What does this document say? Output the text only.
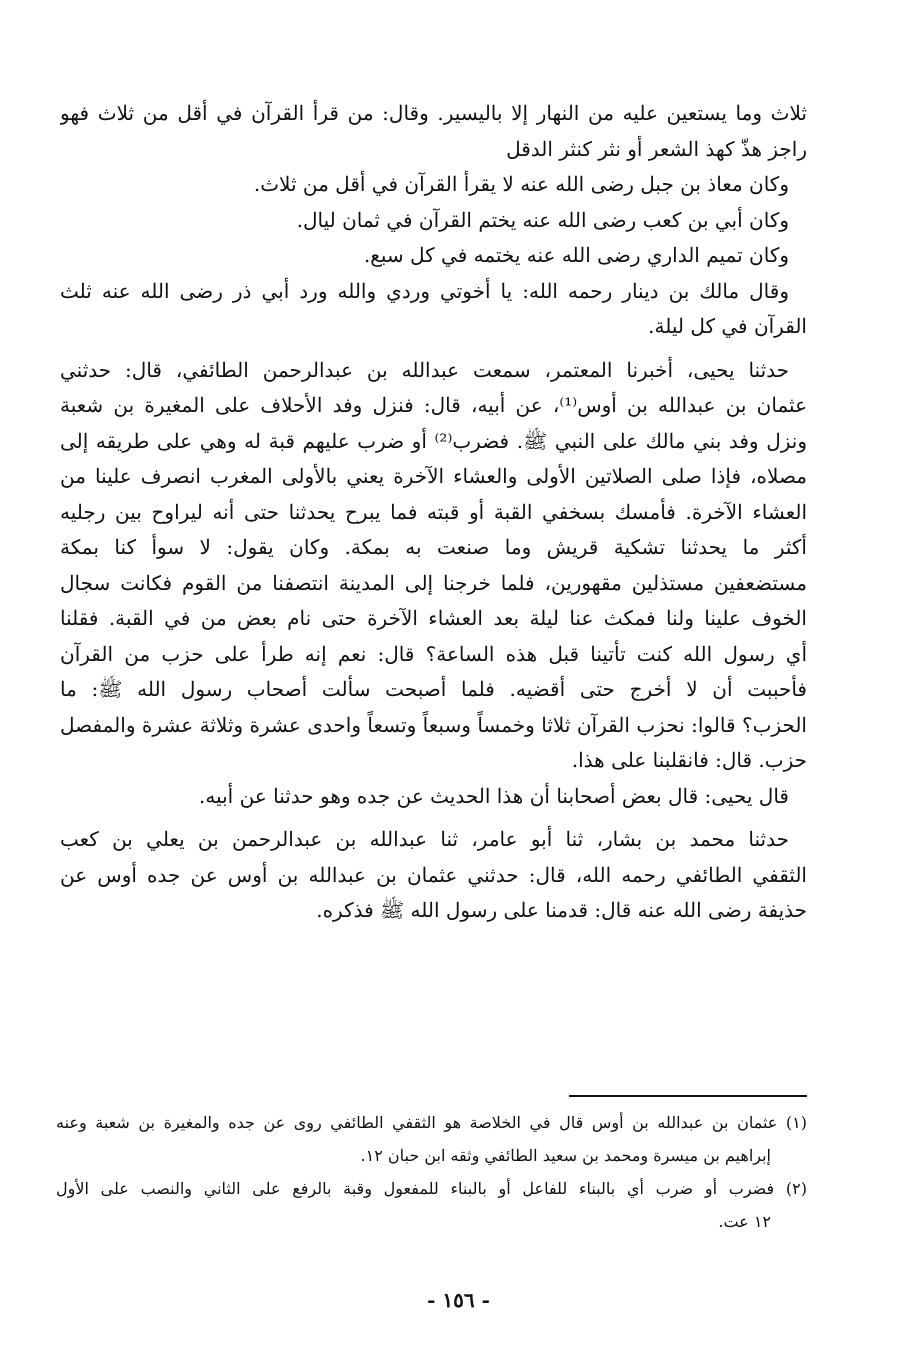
ثلاث وما يستعين عليه من النهار إلا باليسير. وقال: من قرأ القرآن في أقل من ثلاث فهو
راجز هذّ كهذ الشعر أو نثر كنثر الدقل
وكان معاذ بن جبل رضى الله عنه لا يقرأ القرآن في أقل من ثلاث.
وكان أبي بن كعب رضى الله عنه يختم القرآن في ثمان ليال.
وكان تميم الداري رضى الله عنه يختمه في كل سبع.
وقال مالك بن دينار رحمه الله: يا أخوتي وردي والله ورد أبي ذر رضى الله عنه ثلث
القرآن في كل ليلة.
حدثنا يحيى، أخبرنا المعتمر، سمعت عبدالله بن عبدالرحمن الطائفي، قال: حدثني
عثمان بن عبدالله بن أوس⁽¹⁾، عن أبيه، قال: فنزل وفد الأحلاف على المغيرة بن شعبة
ونزل وفد بني مالك على النبي ﷺ. فضرب⁽²⁾ أو ضرب عليهم قبة له وهي على طريقه إلى
مصلاه، فإذا صلى الصلاتين الأولى والعشاء الآخرة يعني بالأولى المغرب انصرف علينا من
العشاء الآخرة. فأمسك بسخفي القبة أو قبته فما يبرح يحدثنا حتى أنه ليراوح بين رجليه
أكثر ما يحدثنا تشكية قريش وما صنعت به بمكة. وكان يقول: لا سوأ كنا بمكة
مستضعفين مستذلين مقهورين، فلما خرجنا إلى المدينة انتصفنا من القوم فكانت سجال
الخوف علينا ولنا فمكث عنا ليلة بعد العشاء الآخرة حتى نام بعض من في القبة. فقلنا
أي رسول الله كنت تأتينا قبل هذه الساعة؟ قال: نعم إنه طرأ على حزب من القرآن
فأحببت أن لا أخرج حتى أقضيه. فلما أصبحت سألت أصحاب رسول الله ﷺ: ما
الحزب؟ قالوا: نحزب القرآن ثلاثا وخمساً وسبعاً وتسعاً واحدى عشرة وثلاثة عشرة والمفصل
حزب. قال: فانقلبنا على هذا.
قال يحيى: قال بعض أصحابنا أن هذا الحديث عن جده وهو حدثنا عن أبيه.
حدثنا محمد بن بشار، ثنا أبو عامر، ثنا عبدالله بن عبدالرحمن بن يعلي بن كعب
الثقفي الطائفي رحمه الله، قال: حدثني عثمان بن عبدالله بن أوس عن جده أوس عن
حذيفة رضى الله عنه قال: قدمنا على رسول الله ﷺ فذكره.
(١) عثمان بن عبدالله بن أوس قال في الخلاصة هو الثقفي الطائفي روى عن جده والمغيرة بن شعبة وعنه
إبراهيم بن ميسرة ومحمد بن سعيد الطائفي وثقه ابن حبان ١٢.
(٢) فضرب أو ضرب أي بالبناء للفاعل أو بالبناء للمفعول وقبة بالرفع على الثاني والنصب على الأول
١٢ عت.
- ١٥٦ -
